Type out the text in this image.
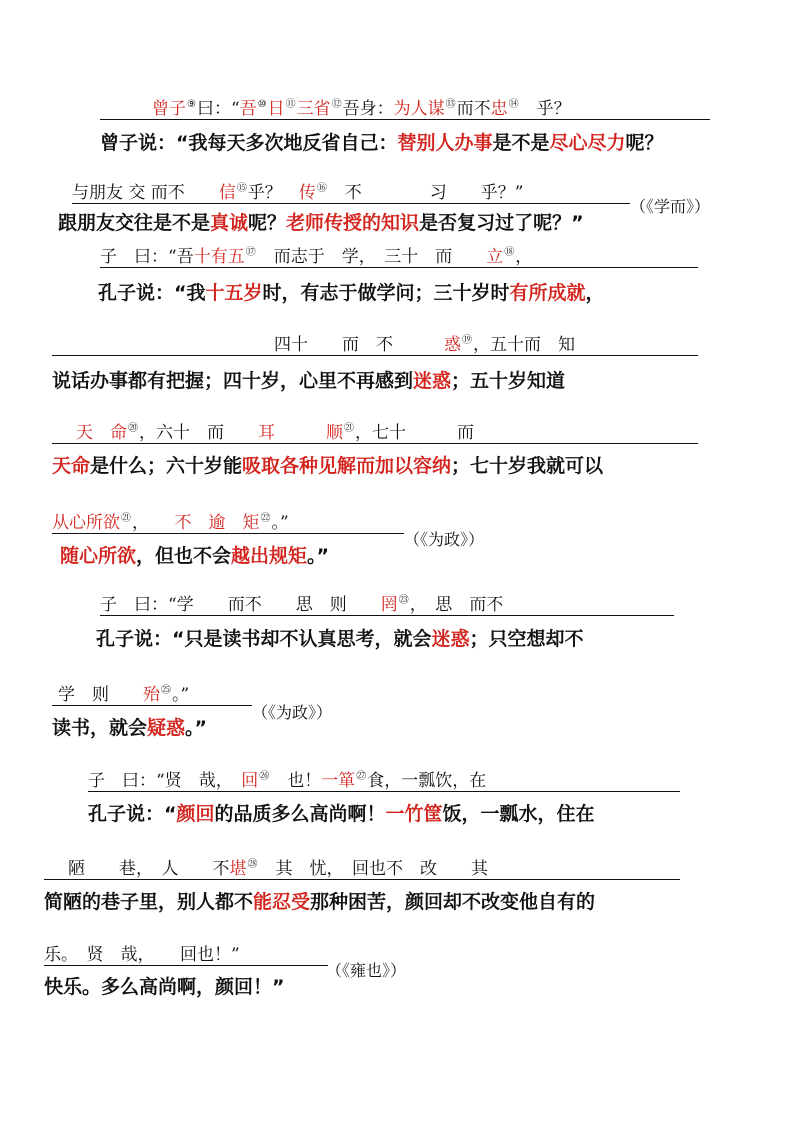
曾子⑨曰：“吾⑩日⑪三省⑫吾身：为人谋⑬而不忠⑭　乎？
曾子说：“我每天多次地反省自己：替别人办事是不是尽心尽力呢？
与朋友 交 而不　　信⑮乎？　传⑯　不　　　　习　　乎？”
跟朋友交往是不是真诚呢？老师传授的知识是否复习过了呢？”
（《学而》）
子　曰：“吾十有五⑰　而志于　学，　三十　而　　立⑱，
孔子说：“我十五岁时，有志于做学问；三十岁时有所成就，
四十　　而　不　　　惑⑲，五十而　知
说话办事都有把握；四十岁，心里不再感到迷惑；五十岁知道
天　命⑳，六十　而　　耳　　　顺$^㉑$，七十　　　而
天命是什么；六十岁能吸取各种见解而加以容纳；七十岁我就可以
从心所欲$^㉑$，　　不　逾　矩$^㉒$。”
随心所欲，但也不会越出规矩。”
（《为政》）
子　曰：“学　　而不　　思　则　　罔$^㉓$，　思　而不
孔子说：“只是读书却不认真思考，就会迷惑；只空想却不
学　则　　殆$^㉕$。”
读书，就会疑惑。”
（《为政》）
子　曰：“贤　哉，　回$^㉖$　也！一箪$^㉗$食，一瓢饮，在
孔子说：“颜回的品质多么高尚啊！一竹筐饭，一瓢水，住在
陋　　巷，　人　　不堪$^㉘$　其　忧，　回也不　改　　其
简陋的巷子里，别人都不能忍受那种困苦，颜回却不改变他自有的
乐。　贤　哉，　　回也！”
快乐。多么高尚啊，颜回！”
（《雍也》）
